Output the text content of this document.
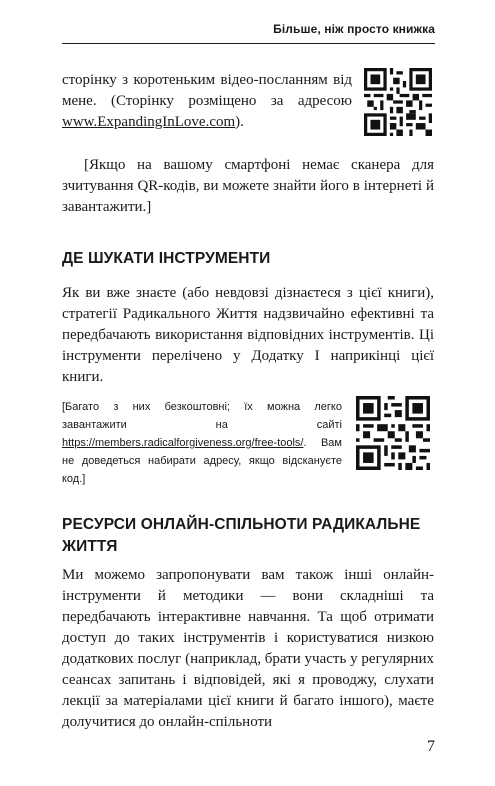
Більше, ніж просто книжка

сторінку з коротеньким відео-посланням від мене. (Сторінку розміщено за адресою www.ExpandingInLove.com).

[Якщо на вашому смартфоні немає сканера для зчитування QR-кодів, ви можете знайти його в інтернеті й завантажити.]

ДЕ ШУКАТИ ІНСТРУМЕНТИ

Як ви вже знаєте (або невдовзі дізнаєтеся з цієї книги), стратегії Радикального Життя надзвичайно ефективні та передбачають використання відповідних інструментів. Ці інструменти перелічено у Додатку І наприкінці цієї книги.

[Багато з них безкоштовні; їх можна легко завантажити на сайті https://members.radicalforgiveness.org/free-tools/. Вам не доведеться набирати адресу, якщо відскануєте код.]

РЕСУРСИ ОНЛАЙН-СПІЛЬНОТИ РАДИКАЛЬНЕ ЖИТТЯ

Ми можемо запропонувати вам також інші онлайн-інструменти й методики — вони складніші та передбачають інтерактивне навчання. Та щоб отримати доступ до таких інструментів і користуватися низкою додаткових послуг (наприклад, брати участь у регулярних сеансах запитань і відповідей, які я проводжу, слухати лекції за матеріалами цієї книги й багато іншого), маєте долучитися до онлайн-спільноти

7
